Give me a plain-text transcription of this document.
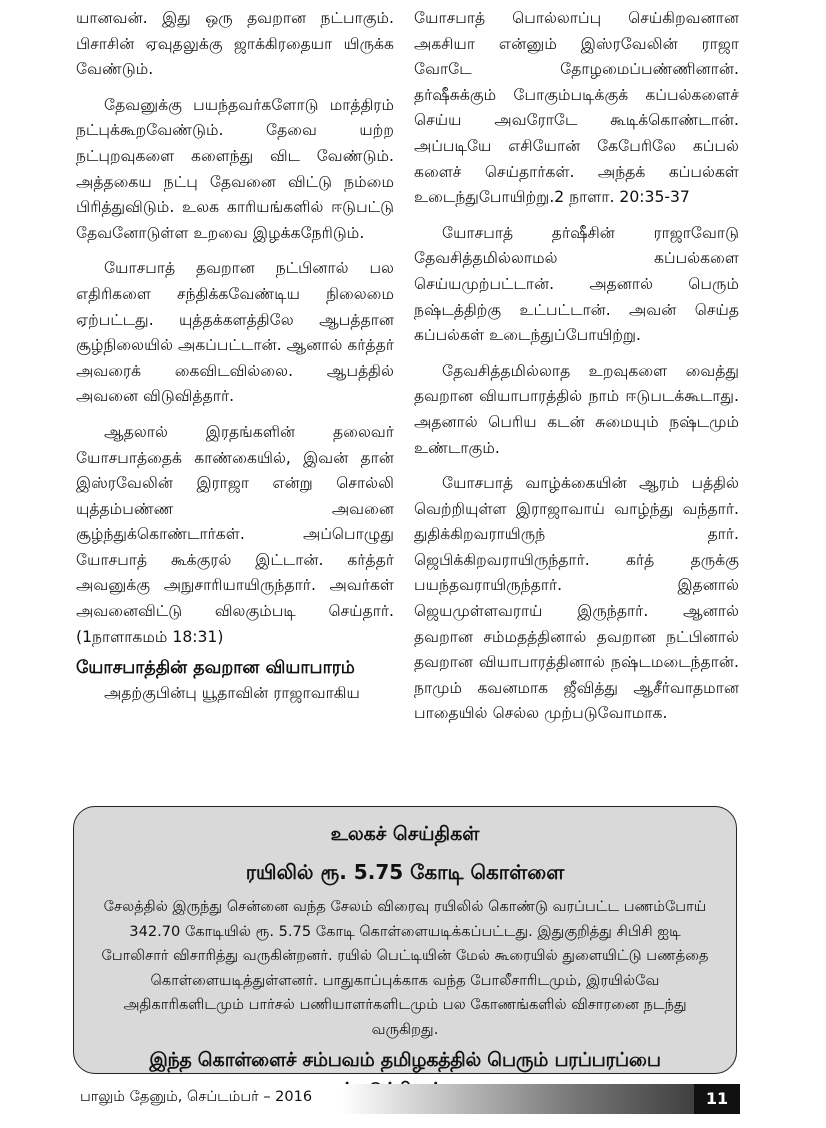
யானவன். இது ஒரு தவறான நட்பாகும். பிசாசின் ஏவுதலுக்கு ஜாக்கிரதையா யிருக்க வேண்டும்.

தேவனுக்கு பயந்தவர்களோடு மாத்திரம் நட்புக்கூறவேண்டும். தேவை யற்ற நட்புறவுகளை களைந்து விட வேண்டும். அத்தகைய நட்பு தேவனை விட்டு நம்மை பிரித்துவிடும். உலக காரியங்களில் ஈடுபட்டு தேவனோடுள்ள உறவை இழக்கநேரிடும்.

யோசபாத் தவறான நட்பினால் பல எதிரிகளை சந்திக்கவேண்டிய நிலைமை ஏற்பட்டது. யுத்தக்களத்திலே ஆபத்தான சூழ்நிலையில் அகப்பட்டான். ஆனால் கர்த்தர் அவரைக் கைவிடவில்லை. ஆபத்தில் அவனை விடுவித்தார்.

ஆதலால் இரதங்களின் தலைவர் யோசபாத்தைக் காண்கையில், இவன் தான் இஸ்ரவேலின் இராஜா என்று சொல்லி யுத்தம்பண்ண அவனை சூழ்ந்துக்கொண்டார்கள். அப்பொழுது யோசபாத் கூக்குரல் இட்டான். கர்த்தர் அவனுக்கு அநுசாரியாயிருந்தார். அவர்கள் அவனைவிட்டு விலகும்படி செய்தார். (1நாளாகமம் 18:31)

யோசபாத்தின் தவறான வியாபாரம்

அதற்குபின்பு யூதாவின் ராஜாவாகிய

யோசபாத் பொல்லாப்பு செய்கிறவனான அகசியா என்னும் இஸ்ரவேலின் ராஜா வோடே தோழமைப்பண்ணினான். தர்ஷீசுக்கும் போகும்படிக்குக் கப்பல்களைச் செய்ய அவரோடே கூடிக்கொண்டான். அப்படியே எசியோன் கேபேரிலே கப்பல் களைச் செய்தார்கள். அந்தக் கப்பல்கள் உடைந்துபோயிற்று.2 நாளா. 20:35-37

யோசபாத் தர்ஷீசின் ராஜாவோடு தேவசித்தமில்லாமல் கப்பல்களை செய்யமுற்பட்டான். அதனால் பெரும் நஷ்டத்திற்கு உட்பட்டான். அவன் செய்த கப்பல்கள் உடைந்துப்போயிற்று.

தேவசித்தமில்லாத உறவுகளை வைத்து தவறான வியாபாரத்தில் நாம் ஈடுபடக்கூடாது. அதனால் பெரிய கடன் சுமையும் நஷ்டமும் உண்டாகும்.

யோசபாத் வாழ்க்கையின் ஆரம் பத்தில் வெற்றியுள்ள இராஜாவாய் வாழ்ந்து வந்தார். துதிக்கிறவராயிருந் தார். ஜெபிக்கிறவராயிருந்தார். கர்த் தருக்கு பயந்தவராயிருந்தார். இதனால் ஜெயமுள்ளவராய் இருந்தார். ஆனால் தவறான சம்மதத்தினால் தவறான நட்பினால் தவறான வியாபாரத்தினால் நஷ்டமடைந்தான். நாமும் கவனமாக ஜீவித்து ஆசீர்வாதமான பாதையில் செல்ல முற்படுவோமாக.

உலகச் செய்திகள்
ரயிலில் ரூ. 5.75 கோடி கொள்ளை
சேலத்தில் இருந்து சென்னை வந்த சேலம் விரைவு ரயிலில் கொண்டு வரப்பட்ட பணம்போய் 342.70 கோடியில் ரூ. 5.75 கோடி கொள்ளையடிக்கப்பட்டது. இதுகுறித்து சிபிசி ஐடி போலிசார் விசாரித்து வருகின்றனர். ரயில் பெட்டியின் மேல் கூரையில் துளையிட்டு பணத்தை கொள்ளையடித்துள்ளனர். பாதுகாப்புக்காக வந்த போலீசாரிடமும், இரயில்வே அதிகாரிகளிடமும் பார்சல் பணியாளர்களிடமும் பல கோணங்களில் விசாரனை நடந்து வருகிறது.
இந்த கொள்ளைச் சம்பவம் தமிழகத்தில் பெரும் பரப்பரப்பை
பாலும் தேனும், செப்டம்பர் – 2016	11
